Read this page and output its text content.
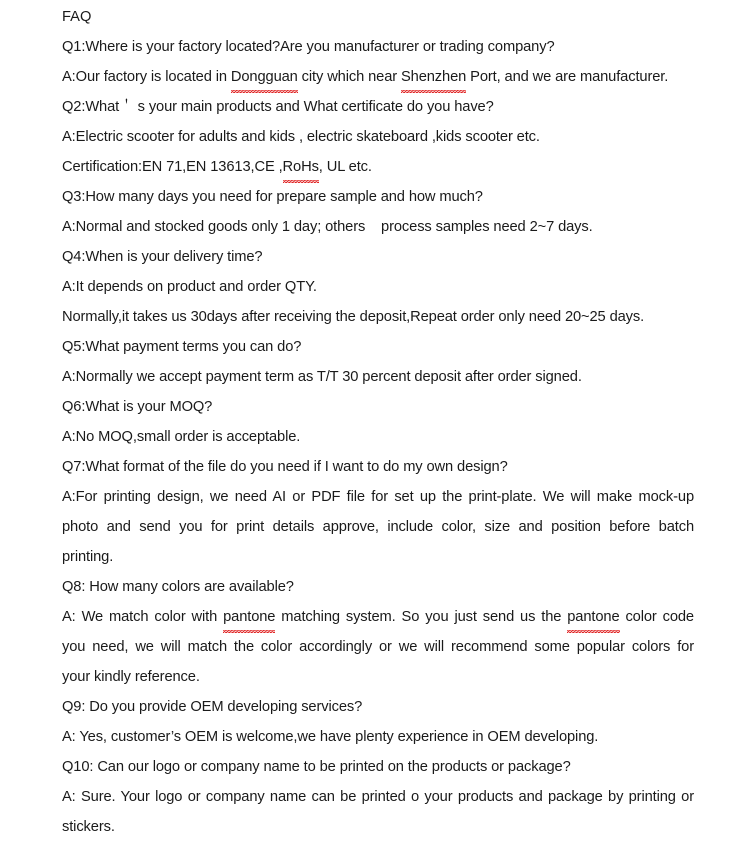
FAQ
Q1:Where is your factory located?Are you manufacturer or trading company?
A:Our factory is located in Dongguan city which near Shenzhen Port, and we are manufacturer.
Q2:What＇ s your main products and What certificate do you have?
A:Electric scooter for adults and kids , electric skateboard ,kids scooter etc.
Certification:EN 71,EN 13613,CE ,RoHs, UL etc.
Q3:How many days you need for prepare sample and how much?
A:Normal and stocked goods only 1 day; others    process samples need 2~7 days.
Q4:When is your delivery time?
A:It depends on product and order QTY.
Normally,it takes us 30days after receiving the deposit,Repeat order only need 20~25 days.
Q5:What payment terms you can do?
A:Normally we accept payment term as T/T 30 percent deposit after order signed.
Q6:What is your MOQ?
A:No MOQ,small order is acceptable.
Q7:What format of the file do you need if I want to do my own design?
A:For printing design, we need AI or PDF file for set up the print-plate. We will make mock-up
photo and send you for print details approve, include color, size and position before batch
printing.
Q8: How many colors are available?
A: We match color with pantone matching system. So you just send us the pantone color code
you need, we will match the color accordingly or we will recommend some popular colors for
your kindly reference.
Q9: Do you provide OEM developing services?
A: Yes, customer’s OEM is welcome,we have plenty experience in OEM developing.
Q10: Can our logo or company name to be printed on the products or package?
A: Sure. Your logo or company name can be printed o your products and package by printing or
stickers.
